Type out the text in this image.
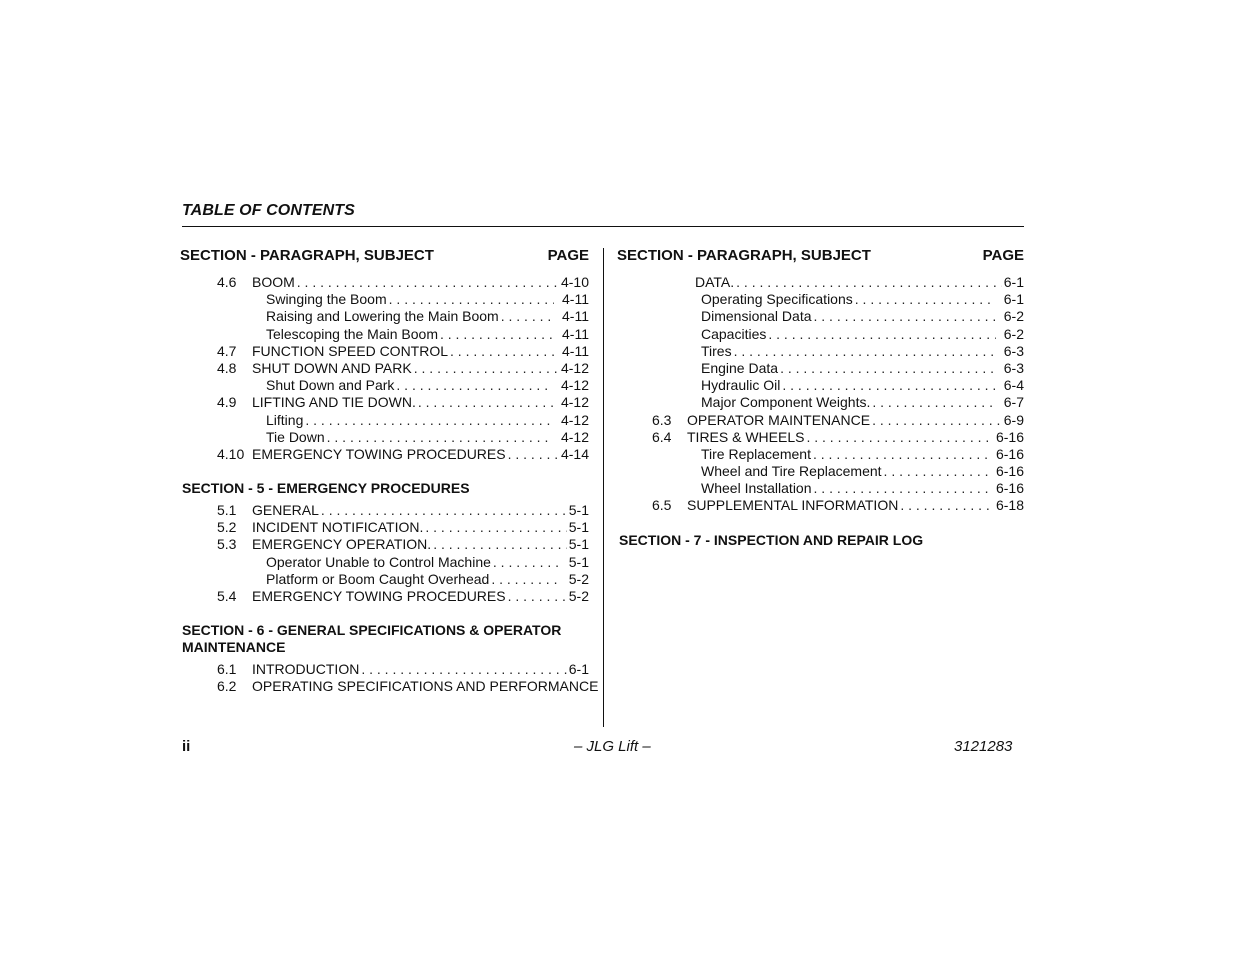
TABLE OF CONTENTS
SECTION - PARAGRAPH, SUBJECT	PAGE
4.6	BOOM . . .	4-10
Swinging the Boom . . .	4-11
Raising and Lowering the Main Boom . . .	4-11
Telescoping the Main Boom . . .	4-11
4.7	FUNCTION SPEED CONTROL . . .	4-11
4.8	SHUT DOWN AND PARK . . .	4-12
Shut Down and Park . . .	4-12
4.9	LIFTING AND TIE DOWN. . . .	4-12
Lifting . . .	4-12
Tie Down . . .	4-12
4.10 EMERGENCY TOWING PROCEDURES . . .	4-14
SECTION - 5 - EMERGENCY PROCEDURES
5.1	GENERAL . . .	5-1
5.2	INCIDENT NOTIFICATION. . . .	5-1
5.3	EMERGENCY OPERATION. . . .	5-1
Operator Unable to Control Machine . . .	5-1
Platform or Boom Caught Overhead . . .	5-2
5.4	EMERGENCY TOWING PROCEDURES . . .	5-2
SECTION - 6 - GENERAL SPECIFICATIONS & OPERATOR MAINTENANCE
6.1	INTRODUCTION . . .	6-1
6.2	OPERATING SPECIFICATIONS AND PERFORMANCE
SECTION - PARAGRAPH, SUBJECT	PAGE
DATA. . . .	6-1
Operating Specifications . . .	6-1
Dimensional Data . . .	6-2
Capacities . . .	6-2
Tires . . .	6-3
Engine Data . . .	6-3
Hydraulic Oil . . .	6-4
Major Component Weights. . . .	6-7
6.3	OPERATOR MAINTENANCE . . .	6-9
6.4	TIRES & WHEELS . . .	6-16
Tire Replacement . . .	6-16
Wheel and Tire Replacement . . .	6-16
Wheel Installation . . .	6-16
6.5	SUPPLEMENTAL INFORMATION . . .	6-18
SECTION - 7 - INSPECTION AND REPAIR LOG
ii	– JLG Lift –	3121283
